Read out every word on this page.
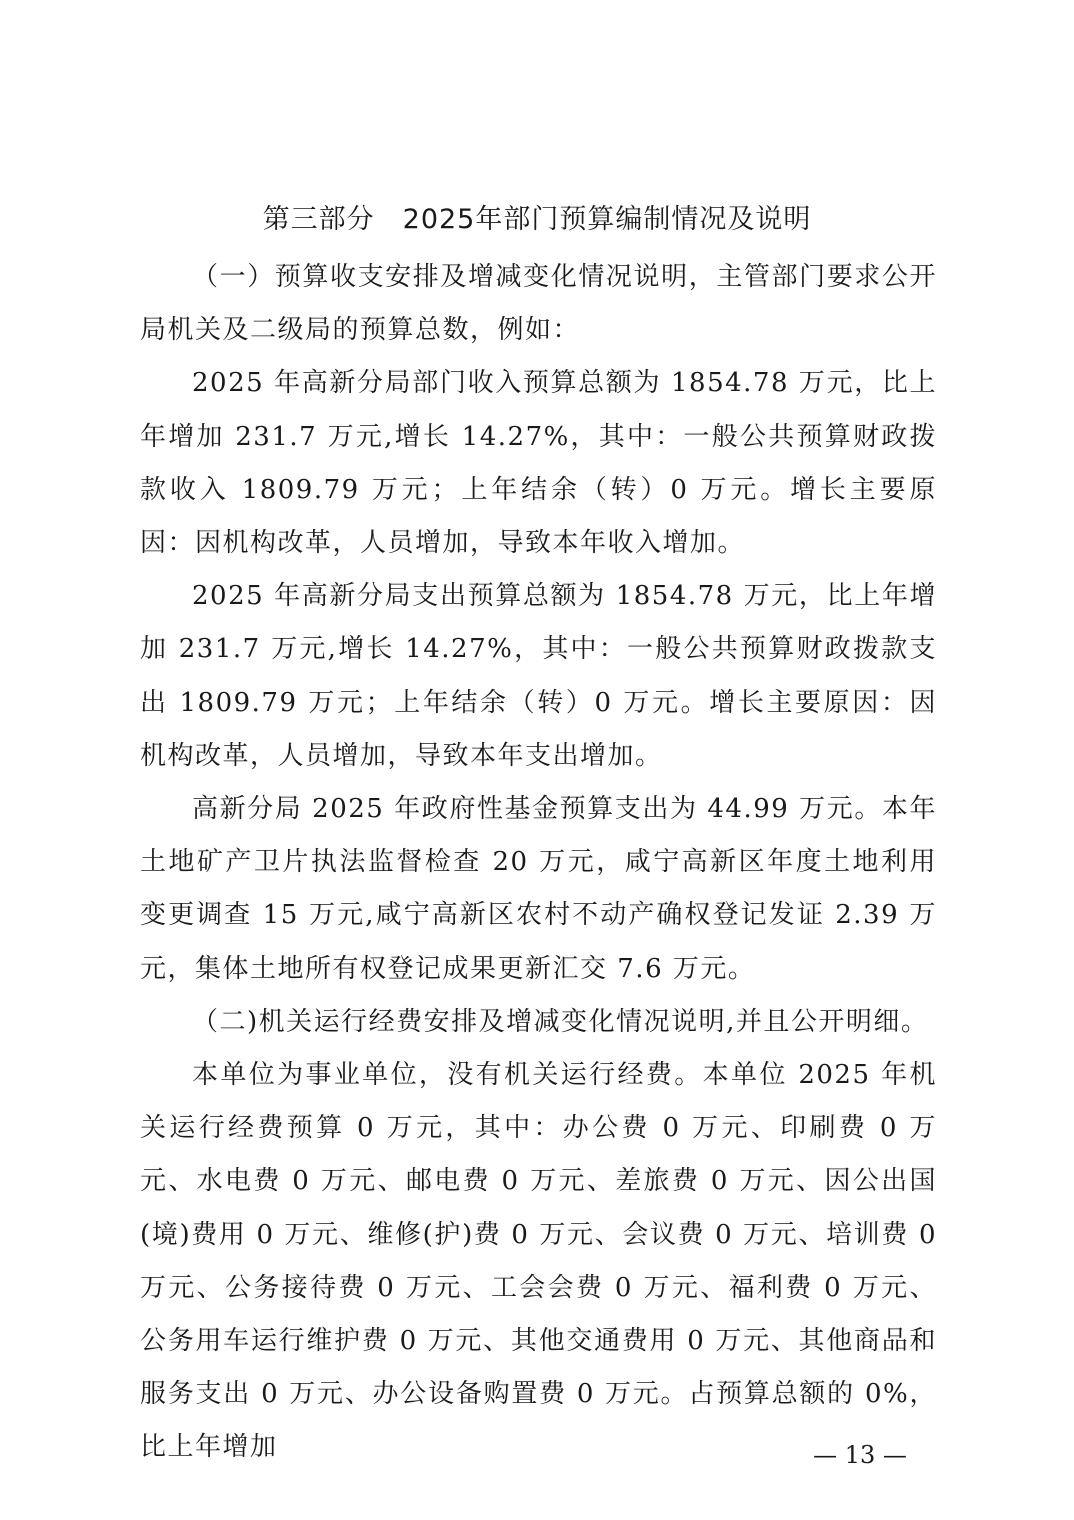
第三部分　2025年部门预算编制情况及说明

（一）预算收支安排及增减变化情况说明，主管部门要求公开局机关及二级局的预算总数，例如：

2025 年高新分局部门收入预算总额为 1854.78 万元，比上年增加 231.7 万元,增长 14.27%，其中：一般公共预算财政拨款收入 1809.79 万元；上年结余（转）0 万元。增长主要原因：因机构改革，人员增加，导致本年收入增加。

2025 年高新分局支出预算总额为 1854.78 万元，比上年增加 231.7 万元,增长 14.27%，其中：一般公共预算财政拨款支出 1809.79 万元；上年结余（转）0 万元。增长主要原因：因机构改革，人员增加，导致本年支出增加。

高新分局 2025 年政府性基金预算支出为 44.99 万元。本年土地矿产卫片执法监督检查 20 万元，咸宁高新区年度土地利用变更调查 15 万元,咸宁高新区农村不动产确权登记发证 2.39 万元，集体土地所有权登记成果更新汇交 7.6 万元。

（二)机关运行经费安排及增减变化情况说明,并且公开明细。

本单位为事业单位，没有机关运行经费。本单位 2025 年机关运行经费预算 0 万元，其中：办公费 0 万元、印刷费 0 万元、水电费 0 万元、邮电费 0 万元、差旅费 0 万元、因公出国(境)费用 0 万元、维修(护)费 0 万元、会议费 0 万元、培训费 0 万元、公务接待费 0 万元、工会会费 0 万元、福利费 0 万元、公务用车运行维护费 0 万元、其他交通费用 0 万元、其他商品和服务支出 0 万元、办公设备购置费 0 万元。占预算总额的 0%，比上年增加	— 13 —
